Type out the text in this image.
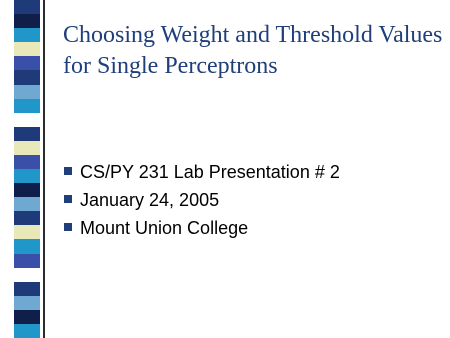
Choosing Weight and Threshold Values for Single Perceptrons
CS/PY 231 Lab Presentation # 2
January 24, 2005
Mount Union College
